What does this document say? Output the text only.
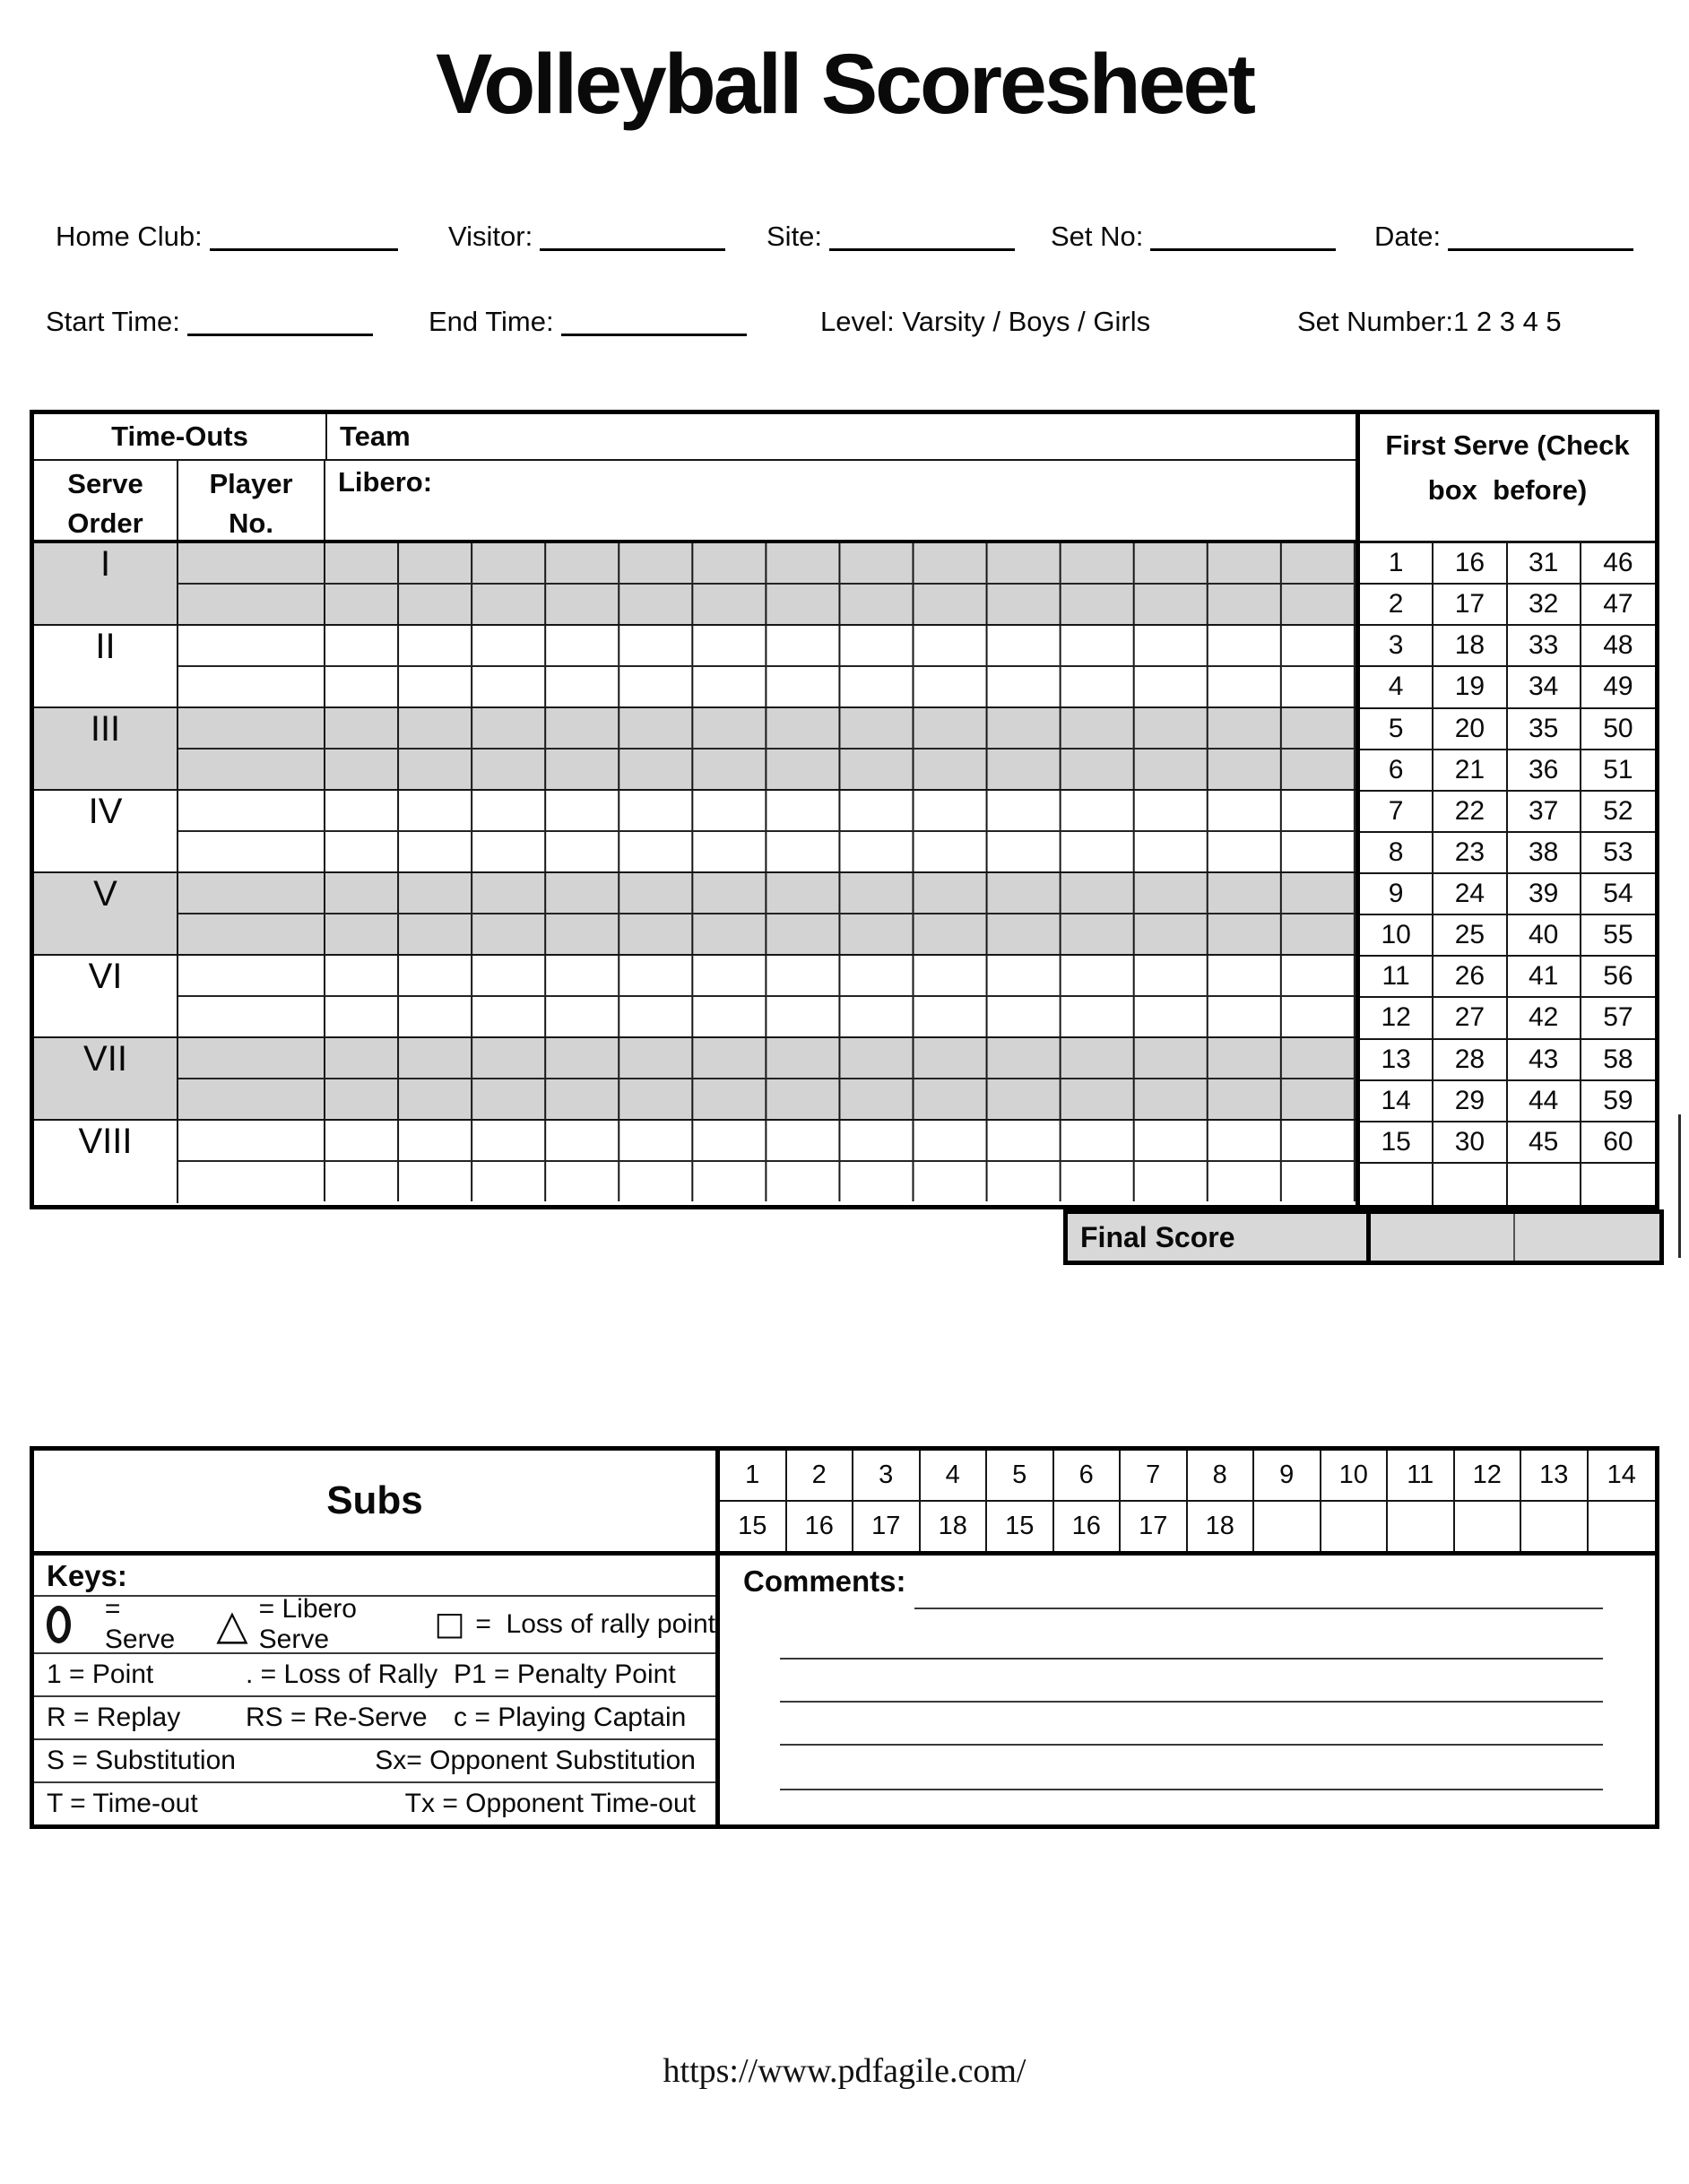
Volleyball Scoresheet
Home Club:	Visitor:	Site:	Set No:	Date:
Start Time:	End Time:	Level: Varsity / Boys / Girls	Set Number:1 2 3 4 5
Time-Outs	Team
Serve
Order
Player
No.
Libero:
I
II
III
IV
V
VI
VII
VIII
First Serve (Check
box  before)
1	16	31	46
2	17	32	47
3	18	33	48
4	19	34	49
5	20	35	50
6	21	36	51
7	22	37	52
8	23	38	53
9	24	39	54
10	25	40	55
11	26	41	56
12	27	42	57
13	28	43	58
14	29	44	59
15	30	45	60
Final Score
Subs
1	2	3	4	5	6	7	8	9	10	11	12	13	14
15	16	17	18	15	16	17	18
Keys:
= Serve △ = Libero Serve	□ =  Loss of rally point
1 = Point	. = Loss of Rally P1 = Penalty Point
R = Replay	RS = Re-Serve c = Playing Captain
S = Substitution	Sx= Opponent Substitution
T = Time-out	Tx = Opponent Time-out
Comments:
https://www.pdfagile.com/
